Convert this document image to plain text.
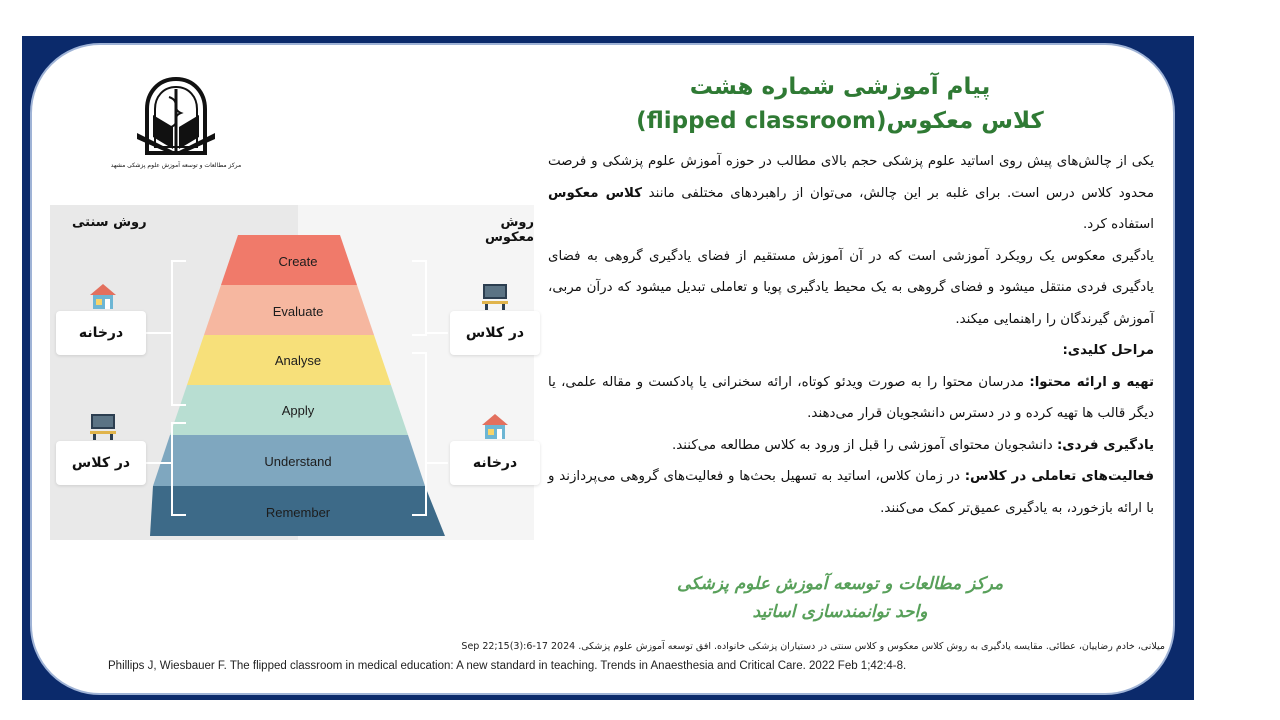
مرکز مطالعات و توسعه آموزش علوم پزشکی مشهد
پیام آموزشی شماره هشت
کلاس معکوس(flipped classroom)

یکی از چالش‌های پیش روی اساتید علوم پزشکی حجم بالای مطالب در حوزه آموزش علوم پزشکی و فرصت محدود کلاس درس است. برای غلبه بر این چالش، می‌توان از راهبردهای مختلفی مانند کلاس معکوس استفاده کرد.

یادگیری معکوس یک رویکرد آموزشی است که در آن آموزش مستقیم از فضای یادگیری گروهی به فضای یادگیری فردی منتقل میشود و فضای گروهی به یک محیط یادگیری پویا و تعاملی تبدیل میشود که درآن مربی، آموزش گیرندگان را راهنمایی میکند.

مراحل کلیدی:

تهیه و ارائه محتوا: مدرسان محتوا را به صورت ویدئو کوتاه، ارائه سخنرانی یا پادکست و مقاله علمی، یا دیگر قالب ها تهیه کرده و در دسترس دانشجویان قرار می‌دهند.

یادگیری فردی: دانشجویان محتوای آموزشی را قبل از ورود به کلاس مطالعه می‌کنند.

فعالیت‌های تعاملی در کلاس: در زمان کلاس، اساتید به تسهیل بحث‌ها و فعالیت‌های گروهی می‌پردازند و با ارائه بازخورد، به یادگیری عمیق‌تر کمک می‌کنند.

مرکز مطالعات و توسعه آموزش علوم پزشکی
واحد توانمندسازی اساتید
میلانی، خادم رضاییان، عطائی. مقایسه یادگیری به روش کلاس معکوس و کلاس سنتی در دستیاران پزشکی خانواده. افق توسعه آموزش علوم پزشکی. 2024 Sep 22;15(3):6-17
Phillips J, Wiesbauer F. The flipped classroom in medical education: A new standard in teaching. Trends in Anaesthesia and Critical Care. 2022 Feb 1;42:4-8.
روش سنتی	روش معکوس
Create
Evaluate
Analyse
Apply
Understand
Remember
درخانه
در کلاس
در کلاس
درخانه
